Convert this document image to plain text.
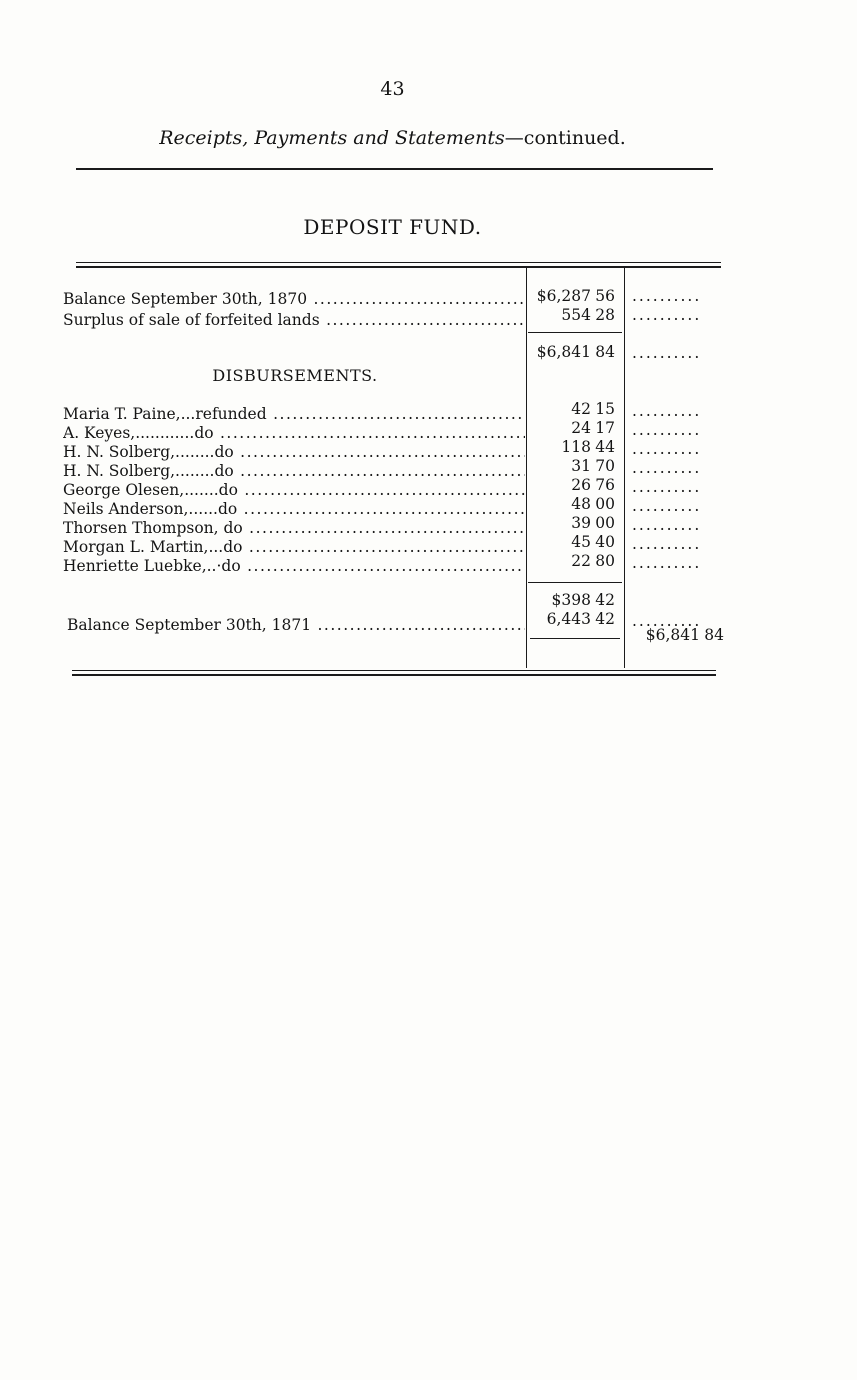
43
Receipts, Payments and Statements—continued.
DEPOSIT FUND.
Balance September 30th, 1870 .....	$6,287 56 ..........
Surplus of sale of forfeited lands .....	554 28 ..........
$6,841 84 ..........
DISBURSEMENTS.
Maria T. Paine,...refunded .....	42 15 ..........
A. Keyes,............do .....	24 17 ..........
H. N. Solberg,........do .....	118 44 ..........
H. N. Solberg,........do .....	31 70 ..........
George Olesen,.......do .....	26 76 ..........
Neils Anderson,......do .....	48 00 ..........
Thorsen Thompson, do .....	39 00 ..........
Morgan L. Martin,...do .....	45 40 ..........
Henriette Luebke,..·do .....	22 80 ..........
$398 42
Balance September 30th, 1871 .....	6,443 42 ..........
$6,841 84
